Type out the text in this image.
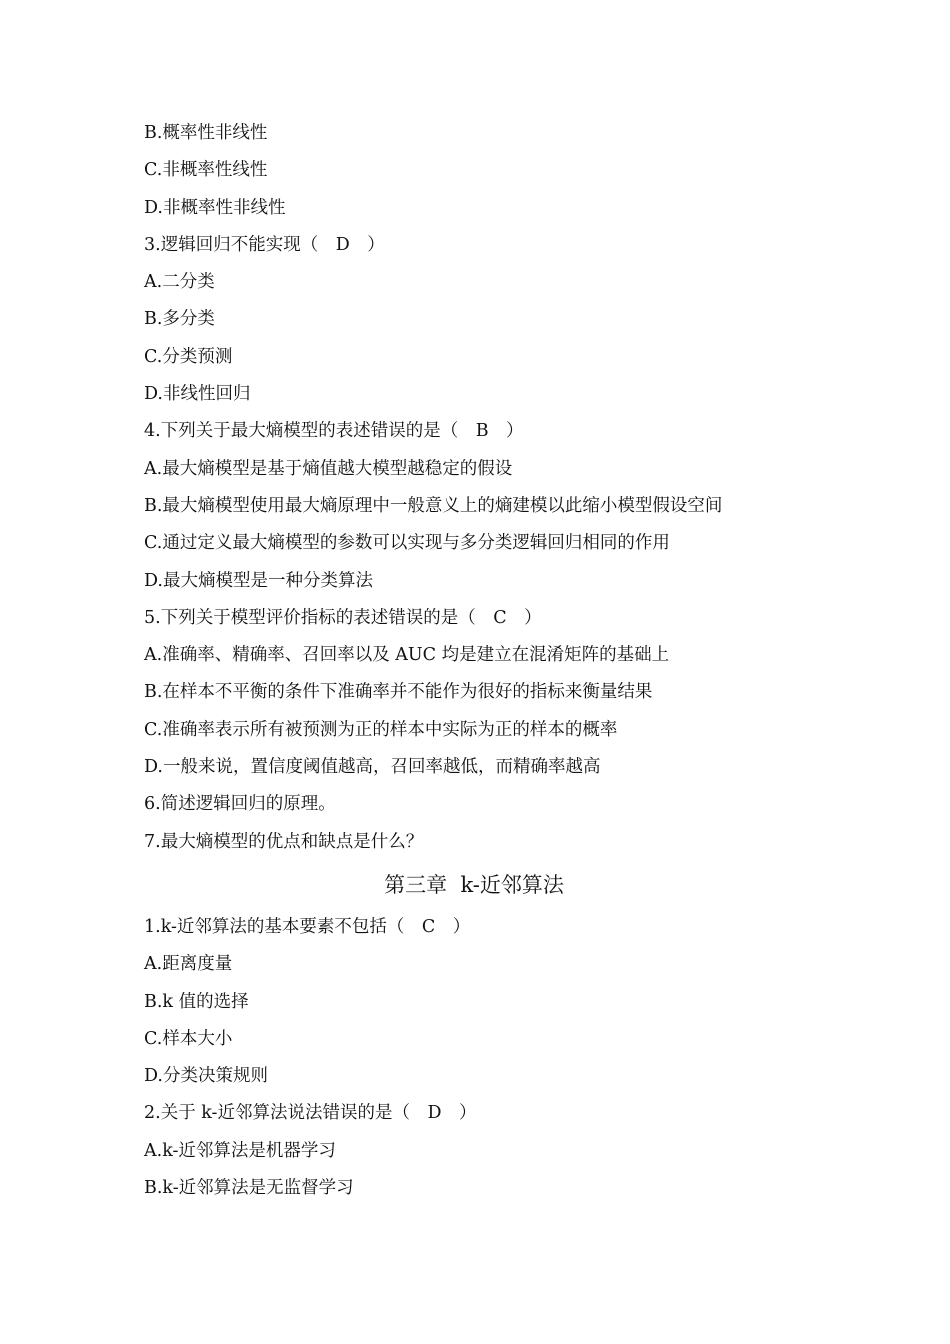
B.概率性非线性
C.非概率性线性
D.非概率性非线性
3.逻辑回归不能实现（　D　）
A.二分类
B.多分类
C.分类预测
D.非线性回归
4.下列关于最大熵模型的表述错误的是（　B　）
A.最大熵模型是基于熵值越大模型越稳定的假设
B.最大熵模型使用最大熵原理中一般意义上的熵建模以此缩小模型假设空间
C.通过定义最大熵模型的参数可以实现与多分类逻辑回归相同的作用
D.最大熵模型是一种分类算法
5.下列关于模型评价指标的表述错误的是（　C　）
A.准确率、精确率、召回率以及 AUC 均是建立在混淆矩阵的基础上
B.在样本不平衡的条件下准确率并不能作为很好的指标来衡量结果
C.准确率表示所有被预测为正的样本中实际为正的样本的概率
D.一般来说，置信度阈值越高，召回率越低，而精确率越高
6.简述逻辑回归的原理。
7.最大熵模型的优点和缺点是什么？
第三章  k-近邻算法
1.k-近邻算法的基本要素不包括（　C　）
A.距离度量
B.k 值的选择
C.样本大小
D.分类决策规则
2.关于 k-近邻算法说法错误的是（　D　）
A.k-近邻算法是机器学习
B.k-近邻算法是无监督学习
